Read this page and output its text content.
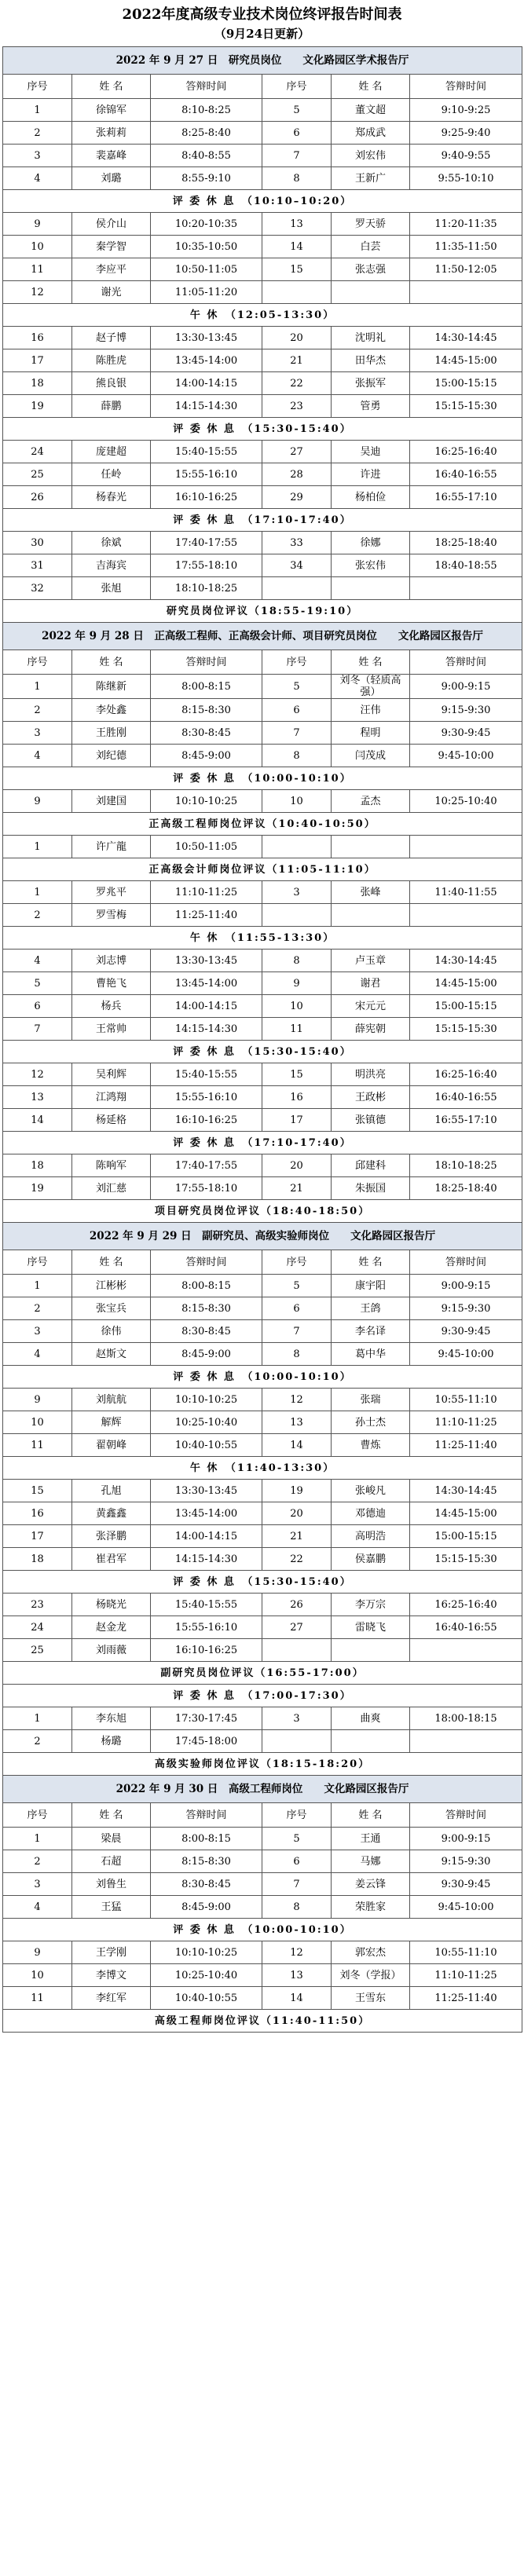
2022年度高级专业技术岗位终评报告时间表
（9月24日更新）
2022 年 9 月 27 日　研究员岗位　　文化路园区学术报告厅					
序号	姓 名	答辩时间	序号	姓 名	答辩时间
1	徐锦军	8:10-8:25	5	董文超	9:10-9:25
2	张莉莉	8:25-8:40	6	郑成武	9:25-9:40
3	裴嘉峰	8:40-8:55	7	刘宏伟	9:40-9:55
4	刘璐	8:55-9:10	8	王新广	9:55-10:10
评 委 休 息　（10:10–10:20）					
9	侯介山	10:20-10:35	13	罗天骄	11:20-11:35
10	秦学智	10:35-10:50	14	白芸	11:35-11:50
11	李应平	10:50-11:05	15	张志强	11:50-12:05
12	谢光	11:05-11:20			
午 休　（12:05-13:30）					
16	赵子博	13:30-13:45	20	沈明礼	14:30-14:45
17	陈胜虎	13:45-14:00	21	田华杰	14:45-15:00
18	熊良银	14:00-14:15	22	张振军	15:00-15:15
19	薛鹏	14:15-14:30	23	管勇	15:15-15:30
评 委 休 息　（15:30-15:40）					
24	庞建超	15:40-15:55	27	吴迪	16:25-16:40
25	任岭	15:55-16:10	28	许进	16:40-16:55
26	杨春光	16:10-16:25	29	杨柏俭	16:55-17:10
评 委 休 息　（17:10-17:40）					
30	徐斌	17:40-17:55	33	徐娜	18:25-18:40
31	吉海宾	17:55-18:10	34	张宏伟	18:40-18:55
32	张旭	18:10-18:25			
研究员岗位评议（18:55-19:10）					
2022 年 9 月 28 日　正高级工程师、正高级会计师、项目研究员岗位　　文化路园区报告厅					
序号	姓 名	答辩时间	序号	姓 名	答辩时间
1	陈继新	8:00-8:15	5	刘冬（轻质高强）	9:00-9:15
2	李处鑫	8:15-8:30	6	汪伟	9:15-9:30
3	王胜刚	8:30-8:45	7	程明	9:30-9:45
4	刘纪德	8:45-9:00	8	闫茂成	9:45-10:00
评 委 休 息　（10:00-10:10）					
9	刘建国	10:10-10:25	10	孟杰	10:25-10:40
正高级工程师岗位评议（10:40-10:50）					
1	许广龍	10:50-11:05			
正高级会计师岗位评议（11:05-11:10）					
1	罗兆平	11:10-11:25	3	张峰	11:40-11:55
2	罗雪梅	11:25-11:40			
午 休　（11:55-13:30）					
4	刘志博	13:30-13:45	8	卢玉章	14:30-14:45
5	曹艳飞	13:45-14:00	9	谢君	14:45-15:00
6	杨兵	14:00-14:15	10	宋元元	15:00-15:15
7	王常帅	14:15-14:30	11	薛宪朝	15:15-15:30
评 委 休 息　（15:30-15:40）					
12	吴利辉	15:40-15:55	15	明洪亮	16:25-16:40
13	江鸿翔	15:55-16:10	16	王政彬	16:40-16:55
14	杨延格	16:10-16:25	17	张镇德	16:55-17:10
评 委 休 息　（17:10-17:40）					
18	陈响军	17:40-17:55	20	邱建科	18:10-18:25
19	刘汇慈	17:55-18:10	21	朱振国	18:25-18:40
项目研究员岗位评议（18:40-18:50）					
2022 年 9 月 29 日　副研究员、高级实验师岗位　　文化路园区报告厅					
序号	姓 名	答辩时间	序号	姓 名	答辩时间
1	江彬彬	8:00-8:15	5	康宇阳	9:00-9:15
2	张宝兵	8:15-8:30	6	王鸽	9:15-9:30
3	徐伟	8:30-8:45	7	李名译	9:30-9:45
4	赵斯文	8:45-9:00	8	葛中华	9:45-10:00
评 委 休 息　（10:00-10:10）					
9	刘航航	10:10-10:25	12	张瑞	10:55-11:10
10	解辉	10:25-10:40	13	孙士杰	11:10-11:25
11	翟朝峰	10:40-10:55	14	曹炼	11:25-11:40
午 休　（11:40-13:30）					
15	孔旭	13:30-13:45	19	张峻凡	14:30-14:45
16	黄鑫鑫	13:45-14:00	20	邓德迪	14:45-15:00
17	张泽鹏	14:00-14:15	21	高明浩	15:00-15:15
18	崔君军	14:15-14:30	22	侯嘉鹏	15:15-15:30
评 委 休 息　（15:30-15:40）					
23	杨晓光	15:40-15:55	26	李万宗	16:25-16:40
24	赵金龙	15:55-16:10	27	雷晓飞	16:40-16:55
25	刘雨薇	16:10-16:25			
副研究员岗位评议（16:55-17:00）					
评 委 休 息　（17:00-17:30）					
1	李东旭	17:30-17:45	3	曲爽	18:00-18:15
2	杨璐	17:45-18:00			
高级实验师岗位评议（18:15-18:20）					
2022 年 9 月 30 日　高级工程师岗位　　文化路园区报告厅					
序号	姓 名	答辩时间	序号	姓 名	答辩时间
1	梁晨	8:00-8:15	5	王通	9:00-9:15
2	石超	8:15-8:30	6	马娜	9:15-9:30
3	刘鲁生	8:30-8:45	7	姜云锋	9:30-9:45
4	王猛	8:45-9:00	8	荣胜家	9:45-10:00
评 委 休 息　（10:00-10:10）					
9	王学刚	10:10-10:25	12	郭宏杰	10:55-11:10
10	李博文	10:25-10:40	13	刘冬（学报）	11:10-11:25
11	李红军	10:40-10:55	14	王雪东	11:25-11:40
高级工程师岗位评议（11:40-11:50）					
